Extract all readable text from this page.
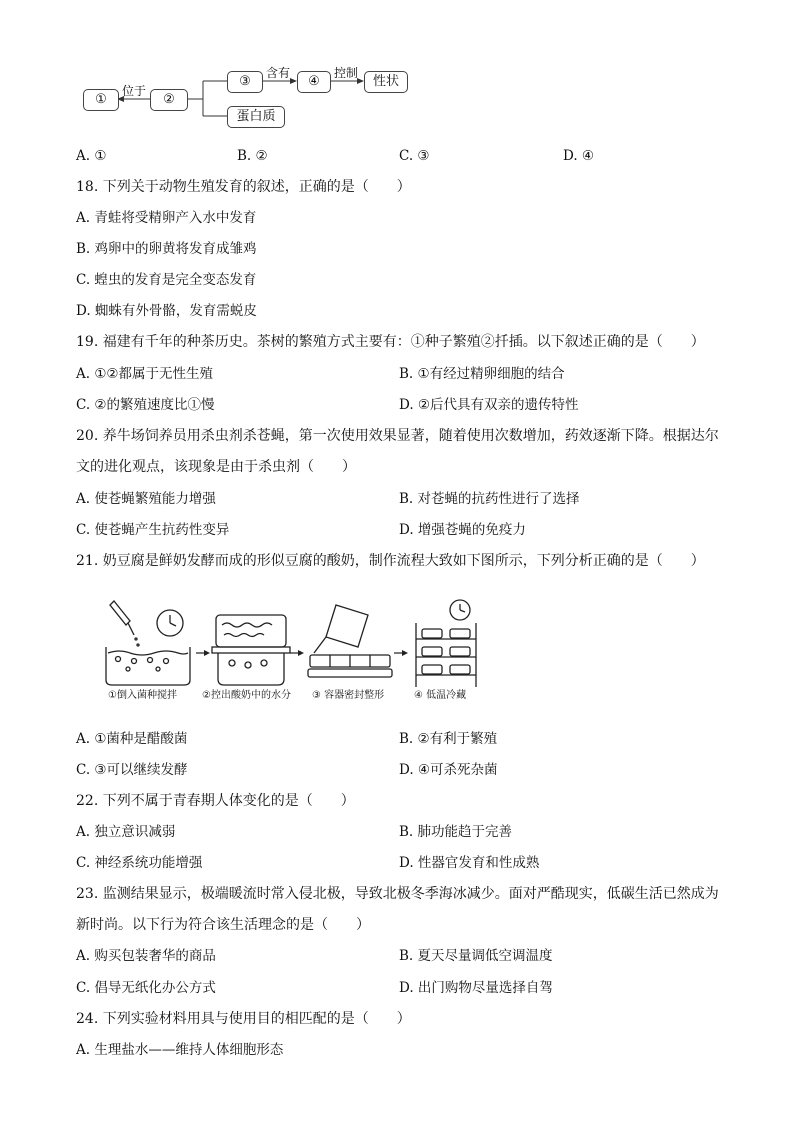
①	②
③	④	性状
蛋白质
位于
含有	控制
A. ①	B. ②	C. ③	D. ④
18. 下列关于动物生殖发育的叙述，正确的是（　　）
A. 青蛙将受精卵产入水中发育
B. 鸡卵中的卵黄将发育成雏鸡
C. 蝗虫的发育是完全变态发育
D. 蜘蛛有外骨骼，发育需蜕皮
19. 福建有千年的种茶历史。茶树的繁殖方式主要有：①种子繁殖②扦插。以下叙述正确的是（　　）
A. ①②都属于无性生殖	B. ①有经过精卵细胞的结合
C. ②的繁殖速度比①慢	D. ②后代具有双亲的遗传特性
20. 养牛场饲养员用杀虫剂杀苍蝇，第一次使用效果显著，随着使用次数增加，药效逐渐下降。根据达尔
文的进化观点，该现象是由于杀虫剂（　　）
A. 使苍蝇繁殖能力增强	B. 对苍蝇的抗药性进行了选择
C. 使苍蝇产生抗药性变异	D. 增强苍蝇的免疫力
21. 奶豆腐是鲜奶发酵而成的形似豆腐的酸奶，制作流程大致如下图所示，下列分析正确的是（　　）
①倒入菌种搅拌	②控出酸奶中的水分 ③ 容器密封整形	④ 低温冷藏
A. ①菌种是醋酸菌	B. ②有利于繁殖
C. ③可以继续发酵	D. ④可杀死杂菌
22. 下列不属于青春期人体变化的是（　　）
A. 独立意识减弱	B. 肺功能趋于完善
C. 神经系统功能增强	D. 性器官发育和性成熟
23. 监测结果显示，极端暖流时常入侵北极，导致北极冬季海冰减少。面对严酷现实，低碳生活已然成为
新时尚。以下行为符合该生活理念的是（　　）
A. 购买包装奢华的商品	B. 夏天尽量调低空调温度
C. 倡导无纸化办公方式	D. 出门购物尽量选择自驾
24. 下列实验材料用具与使用目的相匹配的是（　　）
A. 生理盐水——维持人体细胞形态
